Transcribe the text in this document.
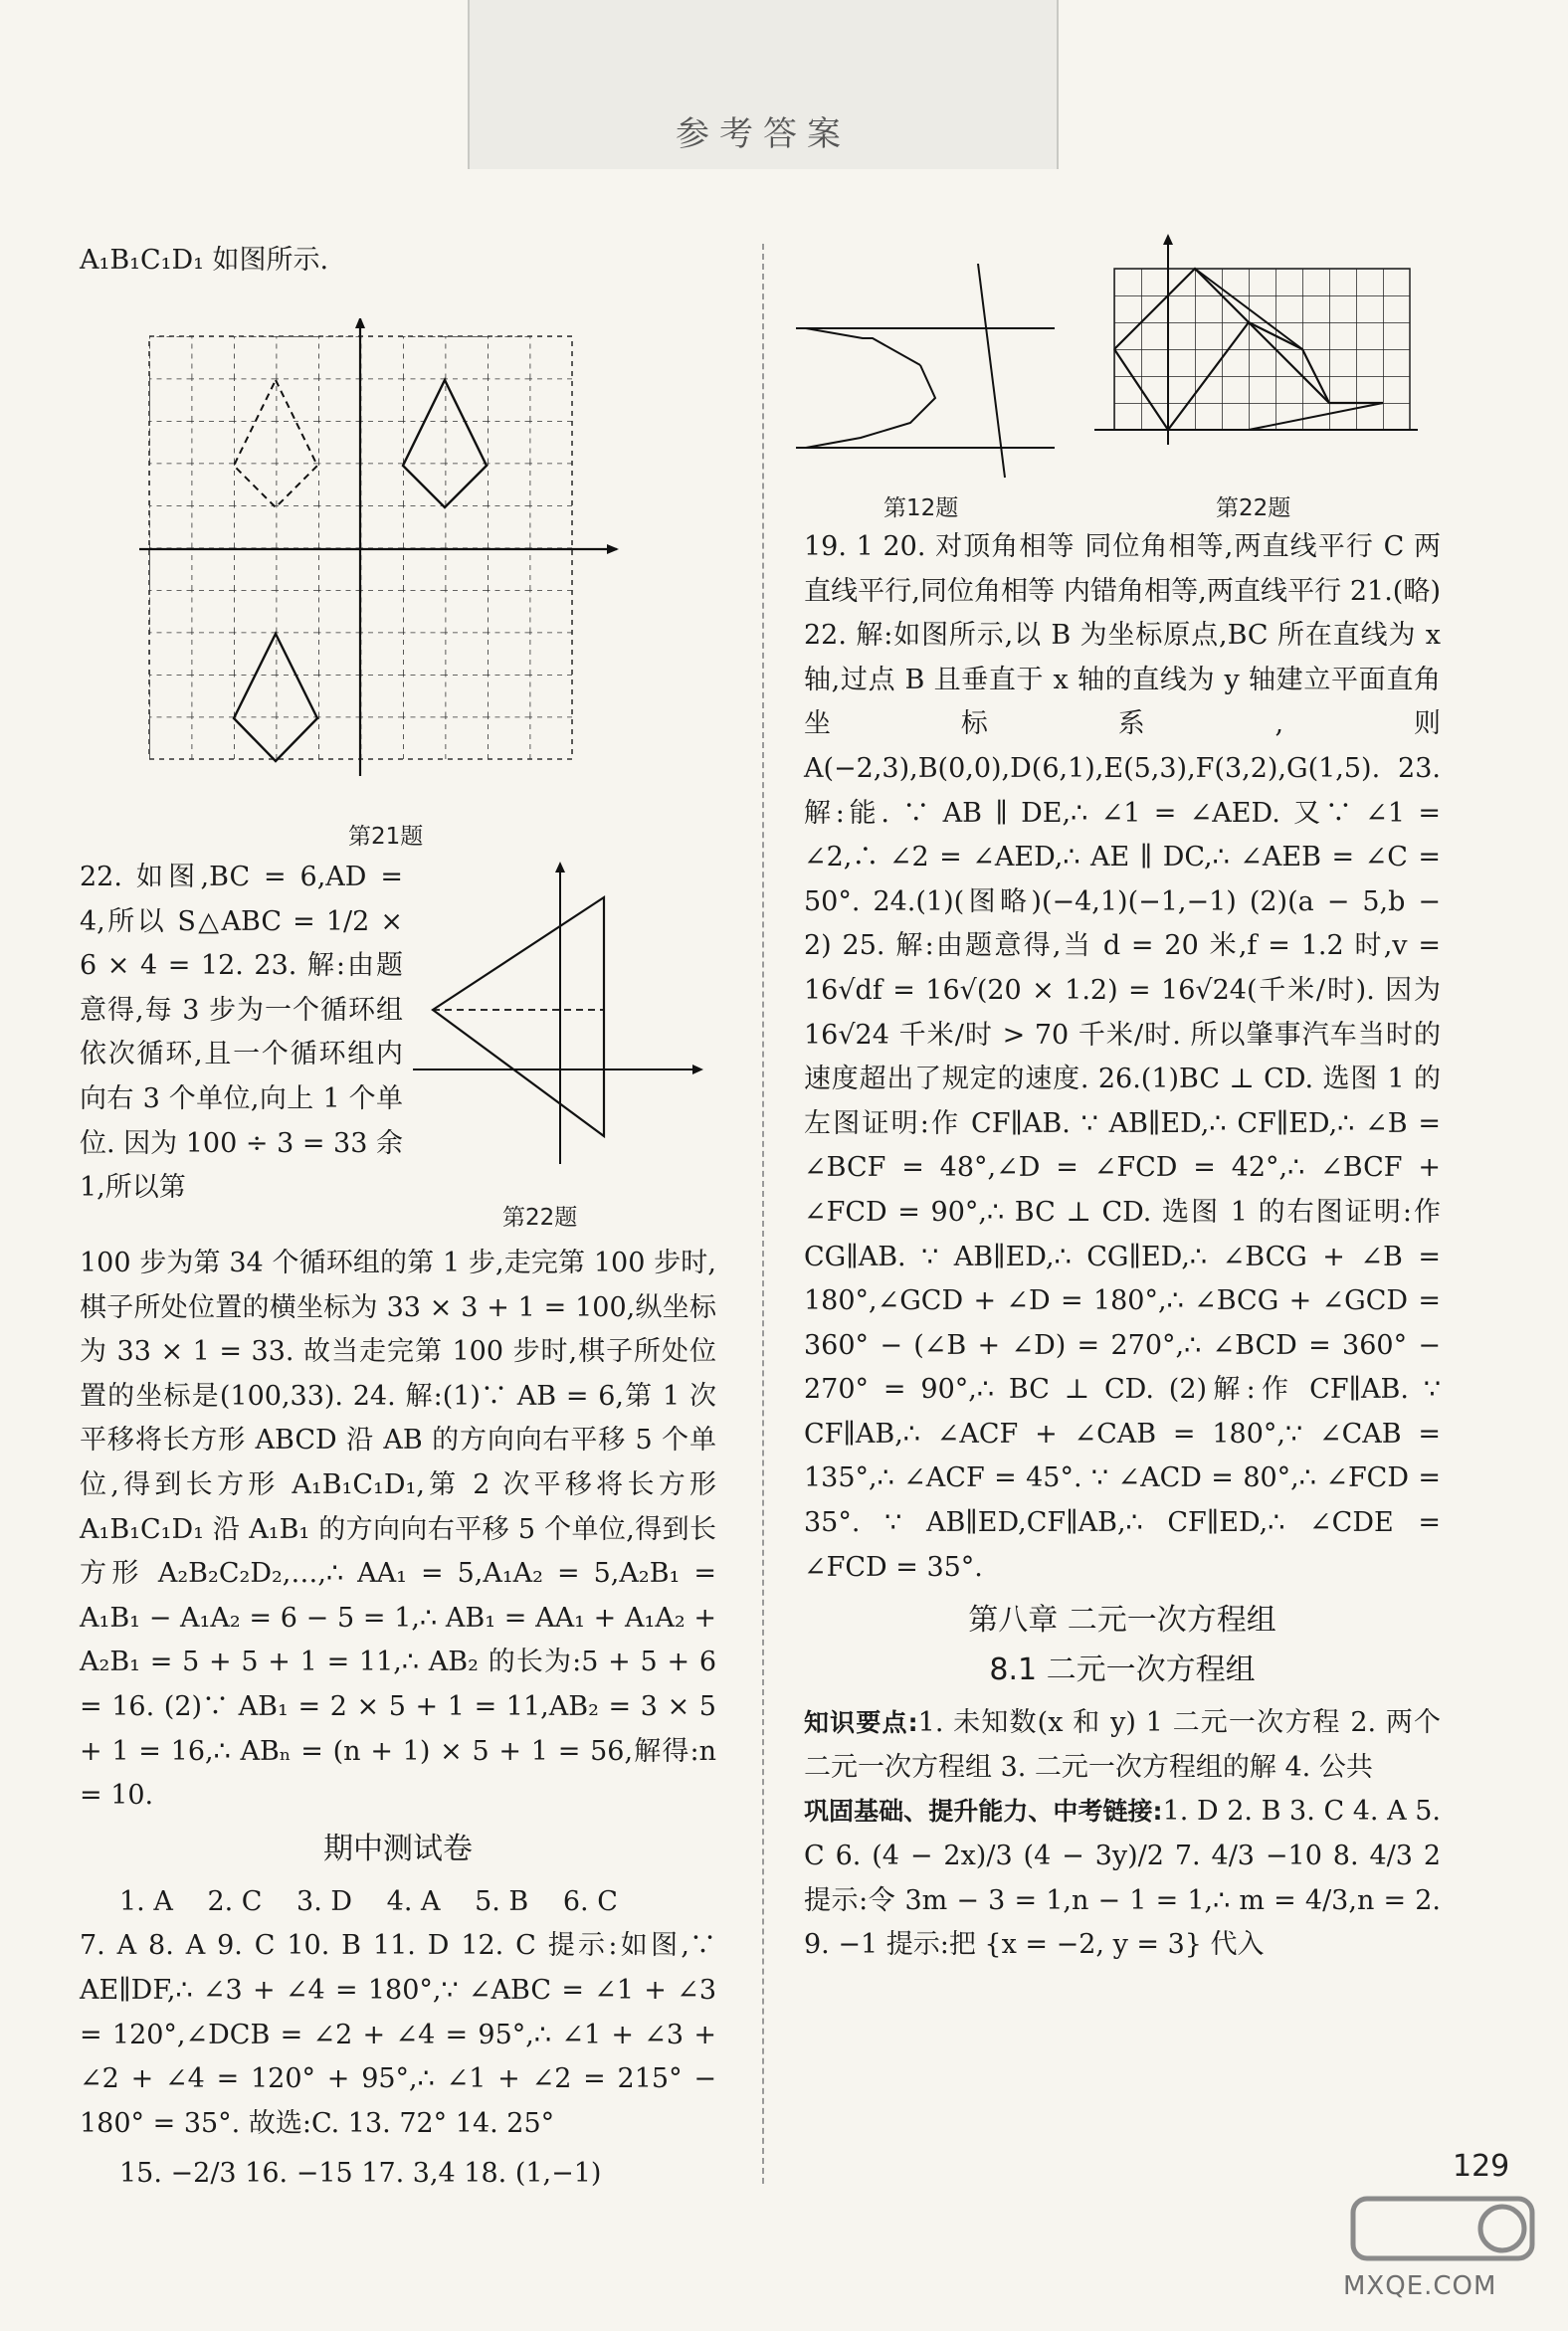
参考答案

A₁B₁C₁D₁ 如图所示.

第21题

22. 如图,BC = 6,AD = 4,所以 S△ABC = 1/2 × 6 × 4 = 12. 23. 解:由题意得,每 3 步为一个循环组依次循环,且一个循环组内向右 3 个单位,向上 1 个单位. 因为 100 ÷ 3 = 33 余 1,所以第

第22题

100 步为第 34 个循环组的第 1 步,走完第 100 步时,棋子所处位置的横坐标为 33 × 3 + 1 = 100,纵坐标为 33 × 1 = 33. 故当走完第 100 步时,棋子所处位置的坐标是(100,33). 24. 解:(1)∵ AB = 6,第 1 次平移将长方形 ABCD 沿 AB 的方向向右平移 5 个单位,得到长方形 A₁B₁C₁D₁,第 2 次平移将长方形 A₁B₁C₁D₁ 沿 A₁B₁ 的方向向右平移 5 个单位,得到长方形 A₂B₂C₂D₂,…,∴ AA₁ = 5,A₁A₂ = 5,A₂B₁ = A₁B₁ − A₁A₂ = 6 − 5 = 1,∴ AB₁ = AA₁ + A₁A₂ + A₂B₁ = 5 + 5 + 1 = 11,∴ AB₂ 的长为:5 + 5 + 6 = 16. (2)∵ AB₁ = 2 × 5 + 1 = 11,AB₂ = 3 × 5 + 1 = 16,∴ ABₙ = (n + 1) × 5 + 1 = 56,解得:n = 10.

期中测试卷

1. A 2. C 3. D 4. A 5. B 6. C

7. A 8. A 9. C 10. B 11. D 12. C 提示:如图,∵ AE∥DF,∴ ∠3 + ∠4 = 180°,∵ ∠ABC = ∠1 + ∠3 = 120°,∠DCB = ∠2 + ∠4 = 95°,∴ ∠1 + ∠3 + ∠2 + ∠4 = 120° + 95°,∴ ∠1 + ∠2 = 215° − 180° = 35°. 故选:C. 13. 72° 14. 25°

15. −2/3 16. −15 17. 3,4 18. (1,−1)

第12题	第22题

19. 1 20. 对顶角相等 同位角相等,两直线平行 C 两直线平行,同位角相等 内错角相等,两直线平行 21.(略) 22. 解:如图所示,以 B 为坐标原点,BC 所在直线为 x 轴,过点 B 且垂直于 x 轴的直线为 y 轴建立平面直角坐标系,则 A(−2,3),B(0,0),D(6,1),E(5,3),F(3,2),G(1,5). 23. 解:能. ∵ AB ∥ DE,∴ ∠1 = ∠AED. 又∵ ∠1 = ∠2,∴ ∠2 = ∠AED,∴ AE ∥ DC,∴ ∠AEB = ∠C = 50°. 24.(1)(图略)(−4,1)(−1,−1) (2)(a − 5,b − 2) 25. 解:由题意得,当 d = 20 米,f = 1.2 时,v = 16√df = 16√(20 × 1.2) = 16√24(千米/时). 因为 16√24 千米/时 > 70 千米/时. 所以肇事汽车当时的速度超出了规定的速度. 26.(1)BC ⊥ CD. 选图 1 的左图证明:作 CF∥AB. ∵ AB∥ED,∴ CF∥ED,∴ ∠B = ∠BCF = 48°,∠D = ∠FCD = 42°,∴ ∠BCF + ∠FCD = 90°,∴ BC ⊥ CD. 选图 1 的右图证明:作 CG∥AB. ∵ AB∥ED,∴ CG∥ED,∴ ∠BCG + ∠B = 180°,∠GCD + ∠D = 180°,∴ ∠BCG + ∠GCD = 360° − (∠B + ∠D) = 270°,∴ ∠BCD = 360° − 270° = 90°,∴ BC ⊥ CD. (2)解:作 CF∥AB. ∵ CF∥AB,∴ ∠ACF + ∠CAB = 180°,∵ ∠CAB = 135°,∴ ∠ACF = 45°. ∵ ∠ACD = 80°,∴ ∠FCD = 35°. ∵ AB∥ED,CF∥AB,∴ CF∥ED,∴ ∠CDE = ∠FCD = 35°.

第八章 二元一次方程组
8.1 二元一次方程组

知识要点:1. 未知数(x 和 y) 1 二元一次方程 2. 两个 二元一次方程组 3. 二元一次方程组的解 4. 公共

巩固基础、提升能力、中考链接:1. D 2. B 3. C 4. A 5. C 6. (4 − 2x)/3 (4 − 3y)/2 7. 4/3 −10 8. 4/3 2 提示:令 3m − 3 = 1,n − 1 = 1,∴ m = 4/3,n = 2. 9. −1 提示:把 {x = −2, y = 3} 代入

129
MXQE.COM
